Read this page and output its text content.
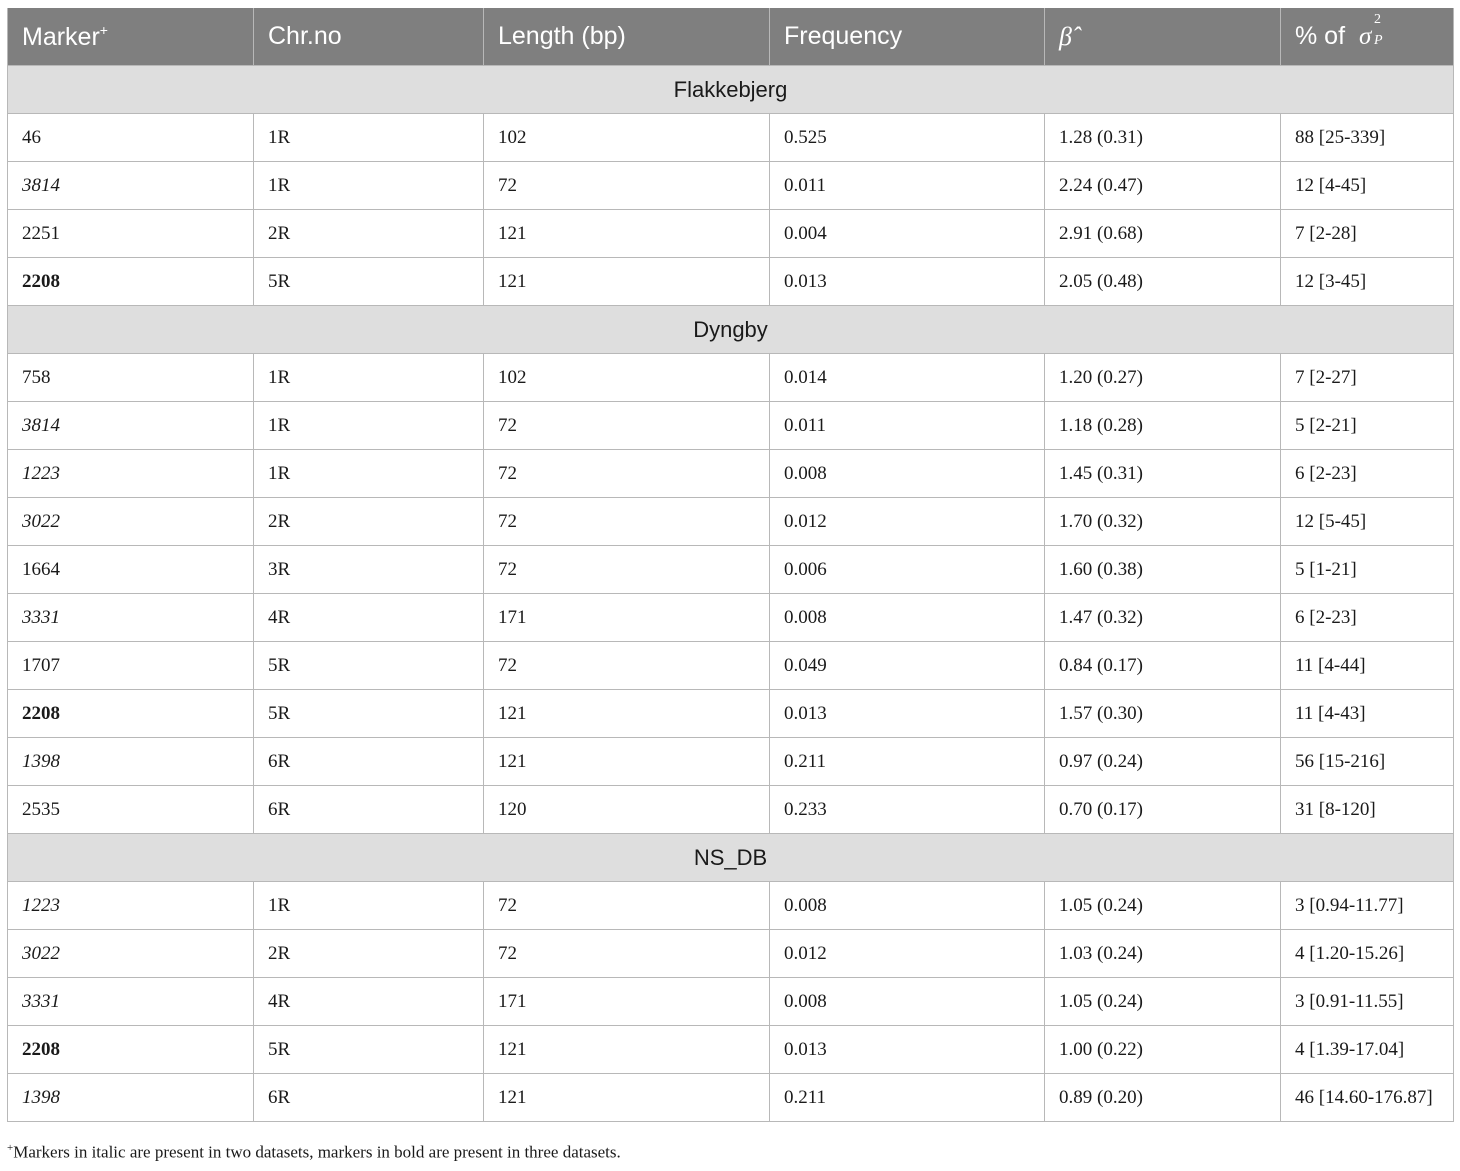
Marker+	Chr.no	Length (bp)	Frequency	β̂	% of σ
2
P

Flakkebjerg					
46	1R	102	0.525	1.28 (0.31)	88 [25-339]
3814	1R	72	0.011	2.24 (0.47)	12 [4-45]
2251	2R	121	0.004	2.91 (0.68)	7 [2-28]
2208	5R	121	0.013	2.05 (0.48)	12 [3-45]
Dyngby					
758	1R	102	0.014	1.20 (0.27)	7 [2-27]
3814	1R	72	0.011	1.18 (0.28)	5 [2-21]
1223	1R	72	0.008	1.45 (0.31)	6 [2-23]
3022	2R	72	0.012	1.70 (0.32)	12 [5-45]
1664	3R	72	0.006	1.60 (0.38)	5 [1-21]
3331	4R	171	0.008	1.47 (0.32)	6 [2-23]
1707	5R	72	0.049	0.84 (0.17)	11 [4-44]
2208	5R	121	0.013	1.57 (0.30)	11 [4-43]
1398	6R	121	0.211	0.97 (0.24)	56 [15-216]
2535	6R	120	0.233	0.70 (0.17)	31 [8-120]
NS_DB					
1223	1R	72	0.008	1.05 (0.24)	3 [0.94-11.77]
3022	2R	72	0.012	1.03 (0.24)	4 [1.20-15.26]
3331	4R	171	0.008	1.05 (0.24)	3 [0.91-11.55]
2208	5R	121	0.013	1.00 (0.22)	4 [1.39-17.04]
1398	6R	121	0.211	0.89 (0.20)	46 [14.60-176.87]
+Markers in italic are present in two datasets, markers in bold are present in three datasets.
